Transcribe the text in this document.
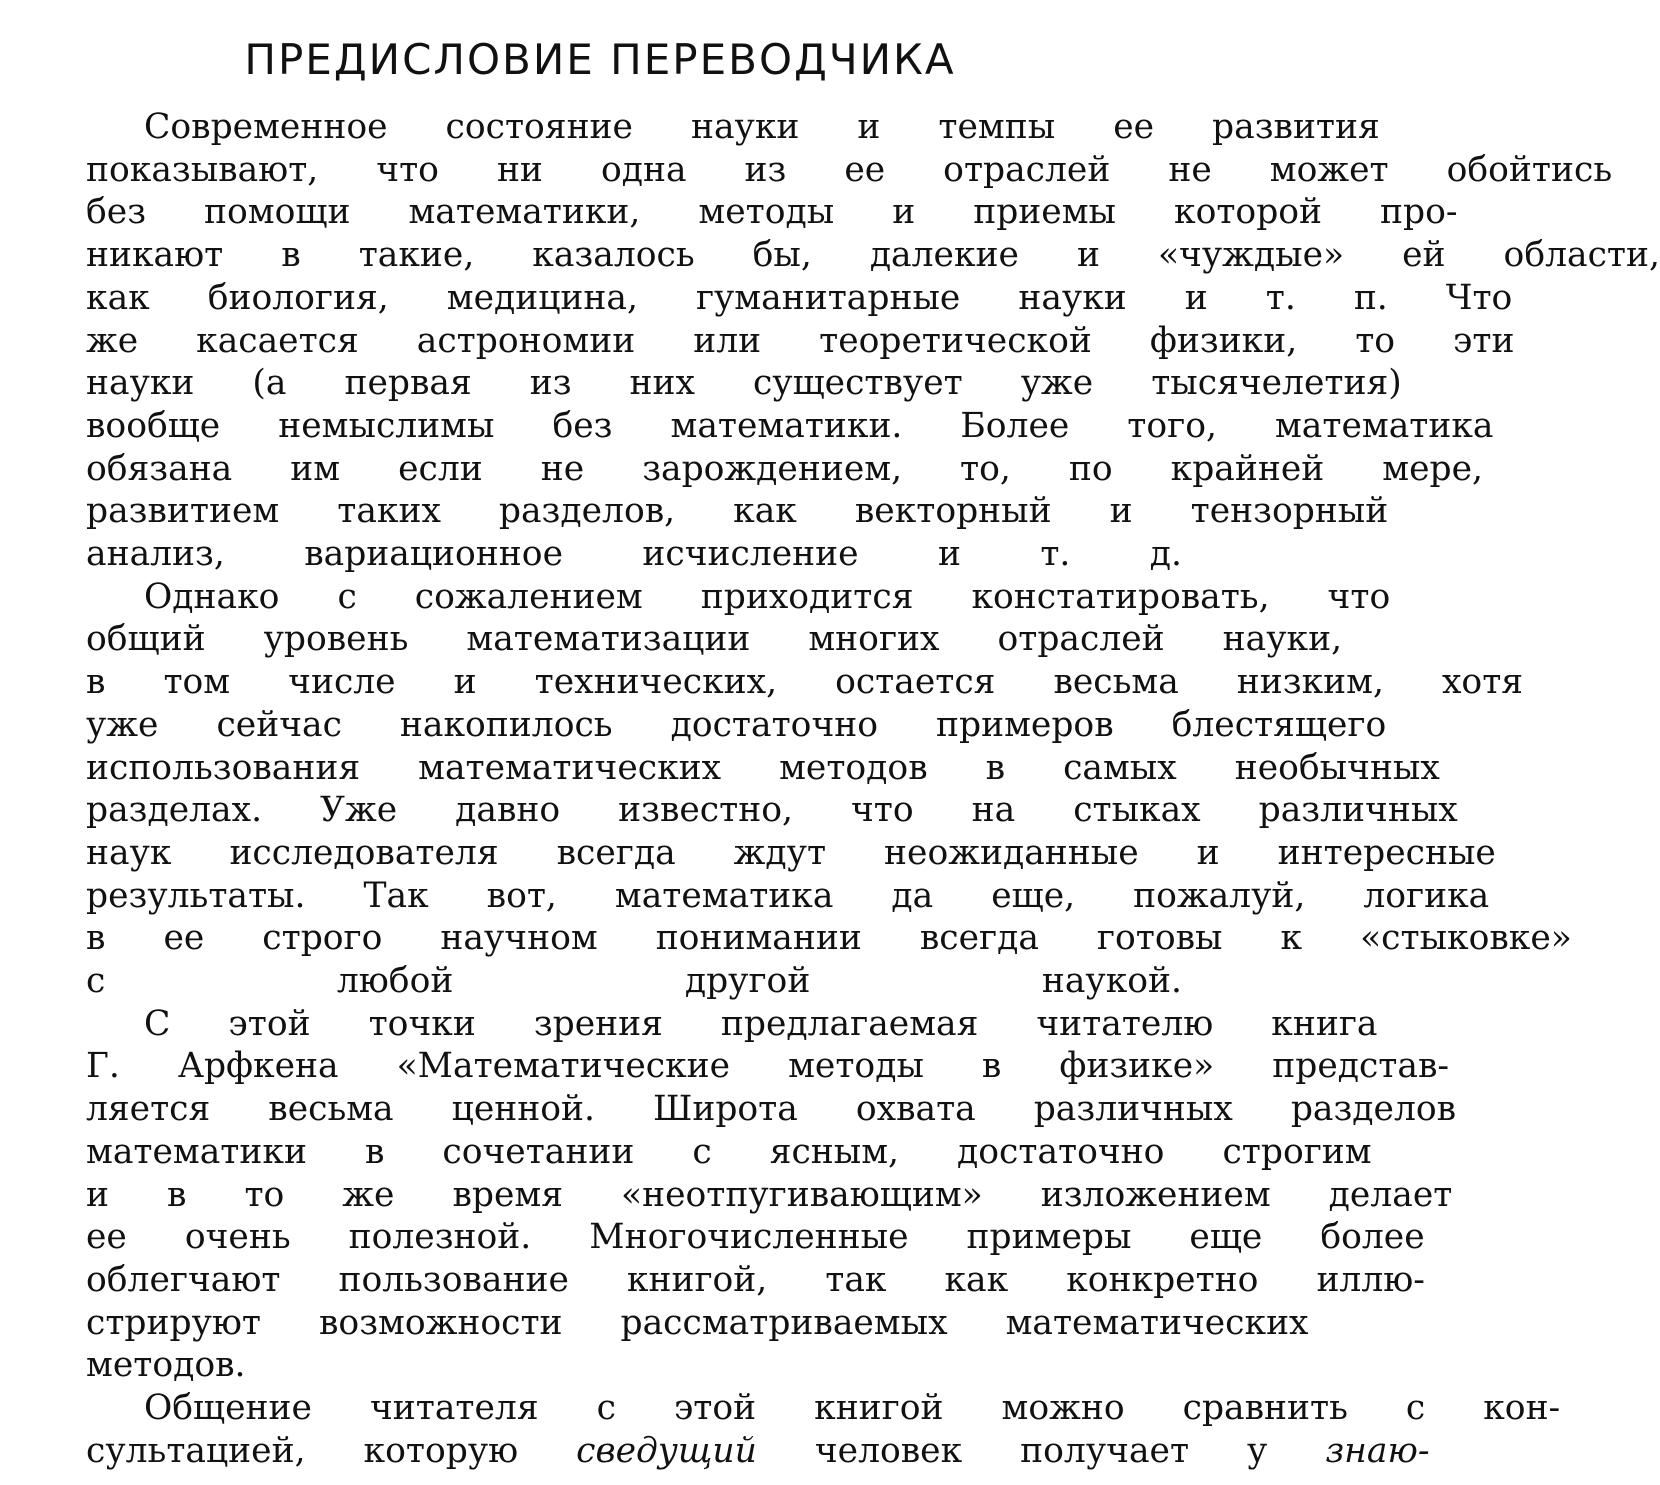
ПРЕДИСЛОВИЕ ПЕРЕВОДЧИКА
Современное	состояние	науки	и	темпы	ее	развития
показывают,	что	ни	одна	из	ее	отраслей	не	может	обойтись
без	помощи	математики,	методы	и	приемы	которой	про-
никают	в	такие,	казалось	бы,	далекие	и	«чуждые»	ей	области,
как	биология,	медицина,	гуманитарные	науки	и	т.	п.	Что
же	касается	астрономии	или	теоретической	физики,	то	эти
науки	(а	первая	из	них	существует	уже	тысячелетия)
вообще	немыслимы	без	математики.	Более	того,	математика
обязана	им	если	не	зарождением,	то,	по	крайней	мере,
развитием	таких	разделов,	как	векторный	и	тензорный
анализ, вариационное исчисление и т. д.
Однако	с	сожалением	приходится	констатировать,	что
общий	уровень	математизации	многих	отраслей	науки,
в	том	числе	и	технических,	остается	весьма	низким,	хотя
уже	сейчас	накопилось	достаточно	примеров	блестящего
использования	математических	методов	в	самых	необычных
разделах.	Уже	давно	известно,	что	на	стыках	различных
наук	исследователя	всегда	ждут	неожиданные	и	интересные
результаты.	Так	вот,	математика	да	еще,	пожалуй,	логика
в	ее	строго	научном	понимании	всегда	готовы	к	«стыковке»
с любой другой наукой.
С	этой	точки	зрения	предлагаемая	читателю	книга
Г.	Арфкена	«Математические	методы	в	физике»	представ-
ляется	весьма	ценной.	Широта	охвата	различных	разделов
математики	в	сочетании	с	ясным,	достаточно	строгим
и	в	то	же	время	«неотпугивающим»	изложением	делает
ее	очень	полезной.	Многочисленные	примеры	еще	более
облегчают	пользование	книгой,	так	как	конкретно	иллю-
стрируют	возможности	рассматриваемых	математических
методов.
Общение	читателя	с	этой	книгой	можно	сравнить	с	кон-
сультацией,	которую	сведущий	человек	получает	у	знаю-
